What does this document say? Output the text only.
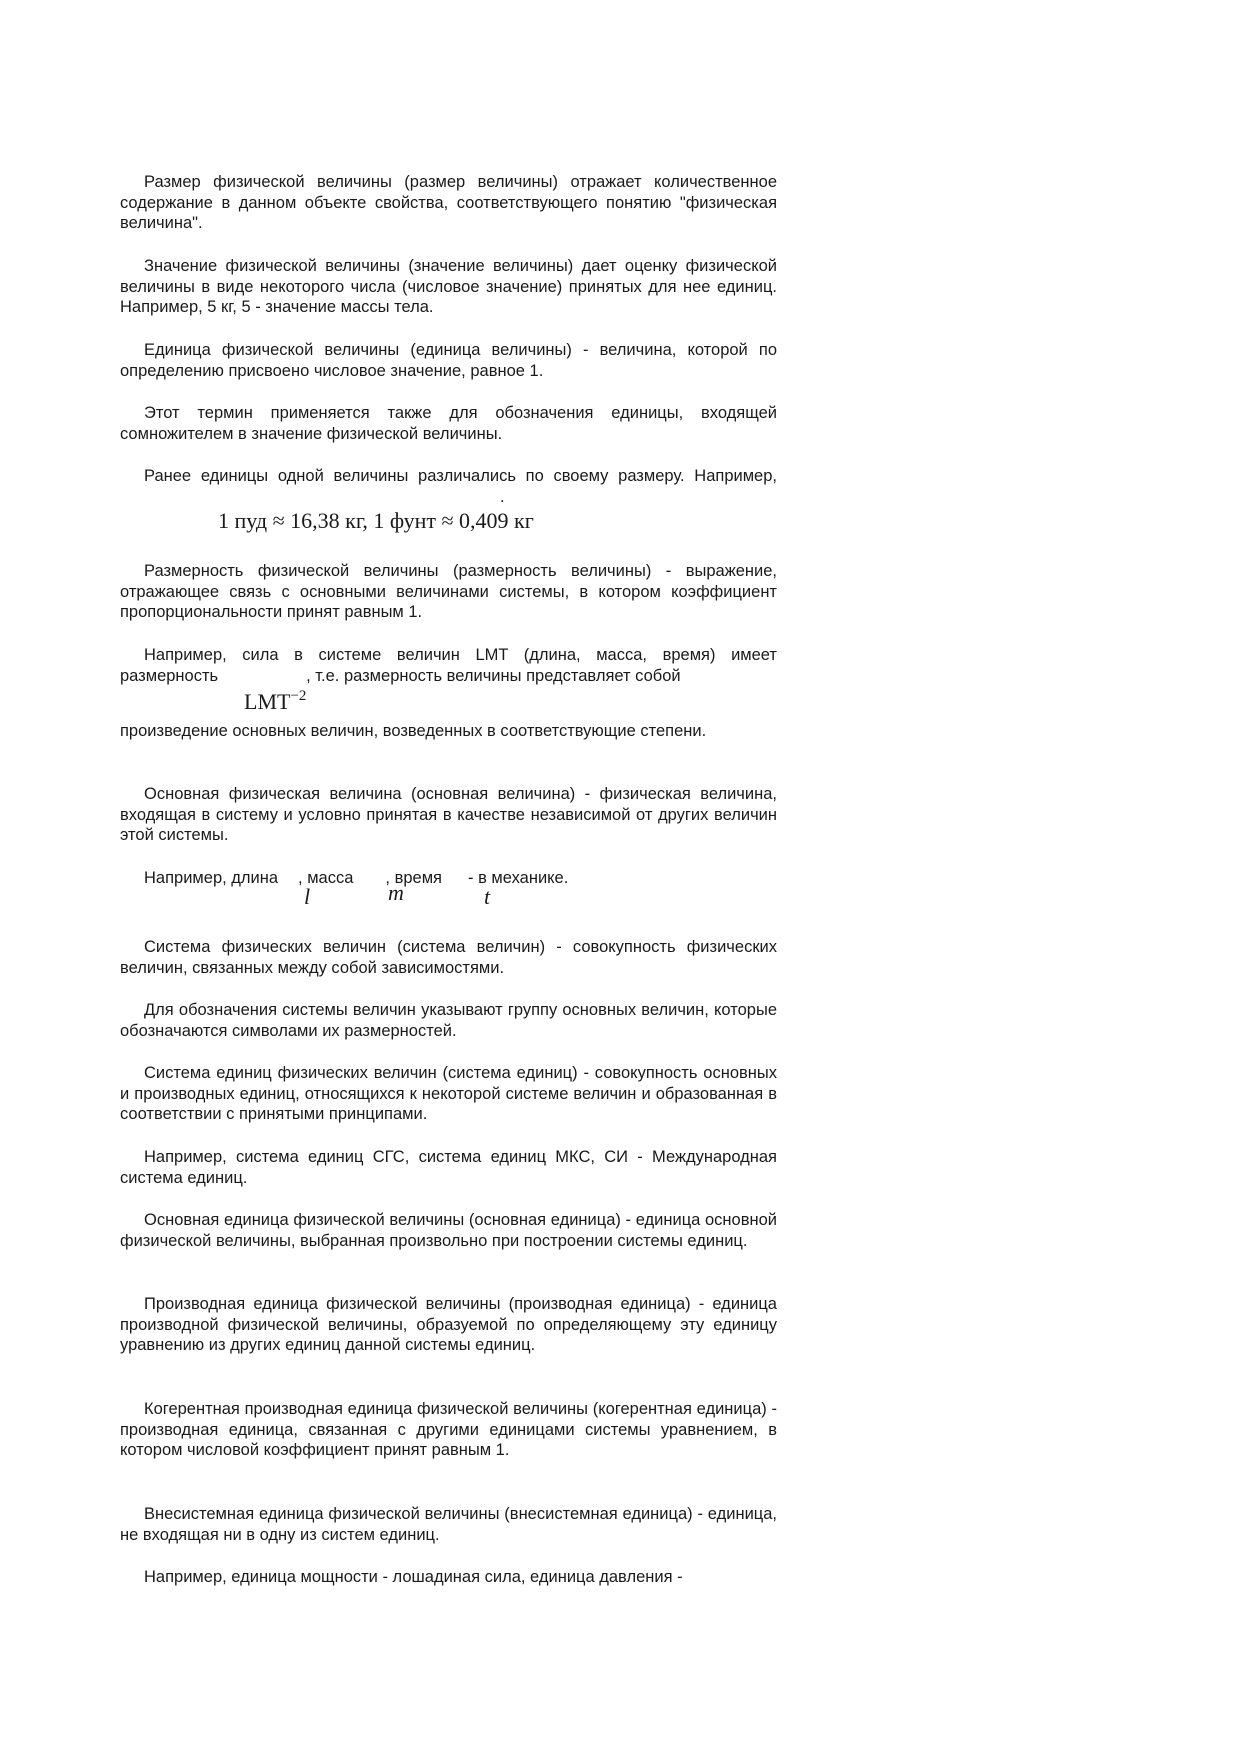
Размер физической величины (размер величины) отражает количественное содержание в данном объекте свойства, соответствующего понятию "физическая величина".

Значение физической величины (значение величины) дает оценку физической величины в виде некоторого числа (числовое значение) принятых для нее единиц. Например, 5 кг, 5 - значение массы тела.

Единица физической величины (единица величины) - величина, которой по определению присвоено числовое значение, равное 1.

Этот термин применяется также для обозначения единицы, входящей сомножителем в значение физической величины.

Ранее единицы одной величины различались по своему размеру. Например,.

1 пуд ≈ 16,38 кг, 1 фунт ≈ 0,409 кг

Размерность физической величины (размерность величины) - выражение, отражающее связь с основными величинами системы, в котором коэффициент пропорциональности принят равным 1.

Например, сила в системе величин LMT (длина, масса, время) имеет размерность	, т.е. размерность величины представляет собой

$LMT^{-2}$

произведение основных величин, возведенных в соответствующие степени.

Основная физическая величина (основная величина) - физическая величина, входящая в систему и условно принятая в качестве независимой от других величин этой системы.

Например, длина , масса , время - в механике.

l	m	t

Система физических величин (система величин) - совокупность физических величин, связанных между собой зависимостями.

Для обозначения системы величин указывают группу основных величин, которые обозначаются символами их размерностей.

Система единиц физических величин (система единиц) - совокупность основных и производных единиц, относящихся к некоторой системе величин и образованная в соответствии с принятыми принципами.

Например, система единиц СГС, система единиц МКС, СИ - Международная система единиц.

Основная единица физической величины (основная единица) - единица основной физической величины, выбранная произвольно при построении системы единиц.

Производная единица физической величины (производная единица) - единица производной физической величины, образуемой по определяющему эту единицу уравнению из других единиц данной системы единиц.

Когерентная производная единица физической величины (когерентная единица) - производная единица, связанная с другими единицами системы уравнением, в котором числовой коэффициент принят равным 1.

Внесистемная единица физической величины (внесистемная единица) - единица, не входящая ни в одну из систем единиц.

Например, единица мощности - лошадиная сила, единица давления -
